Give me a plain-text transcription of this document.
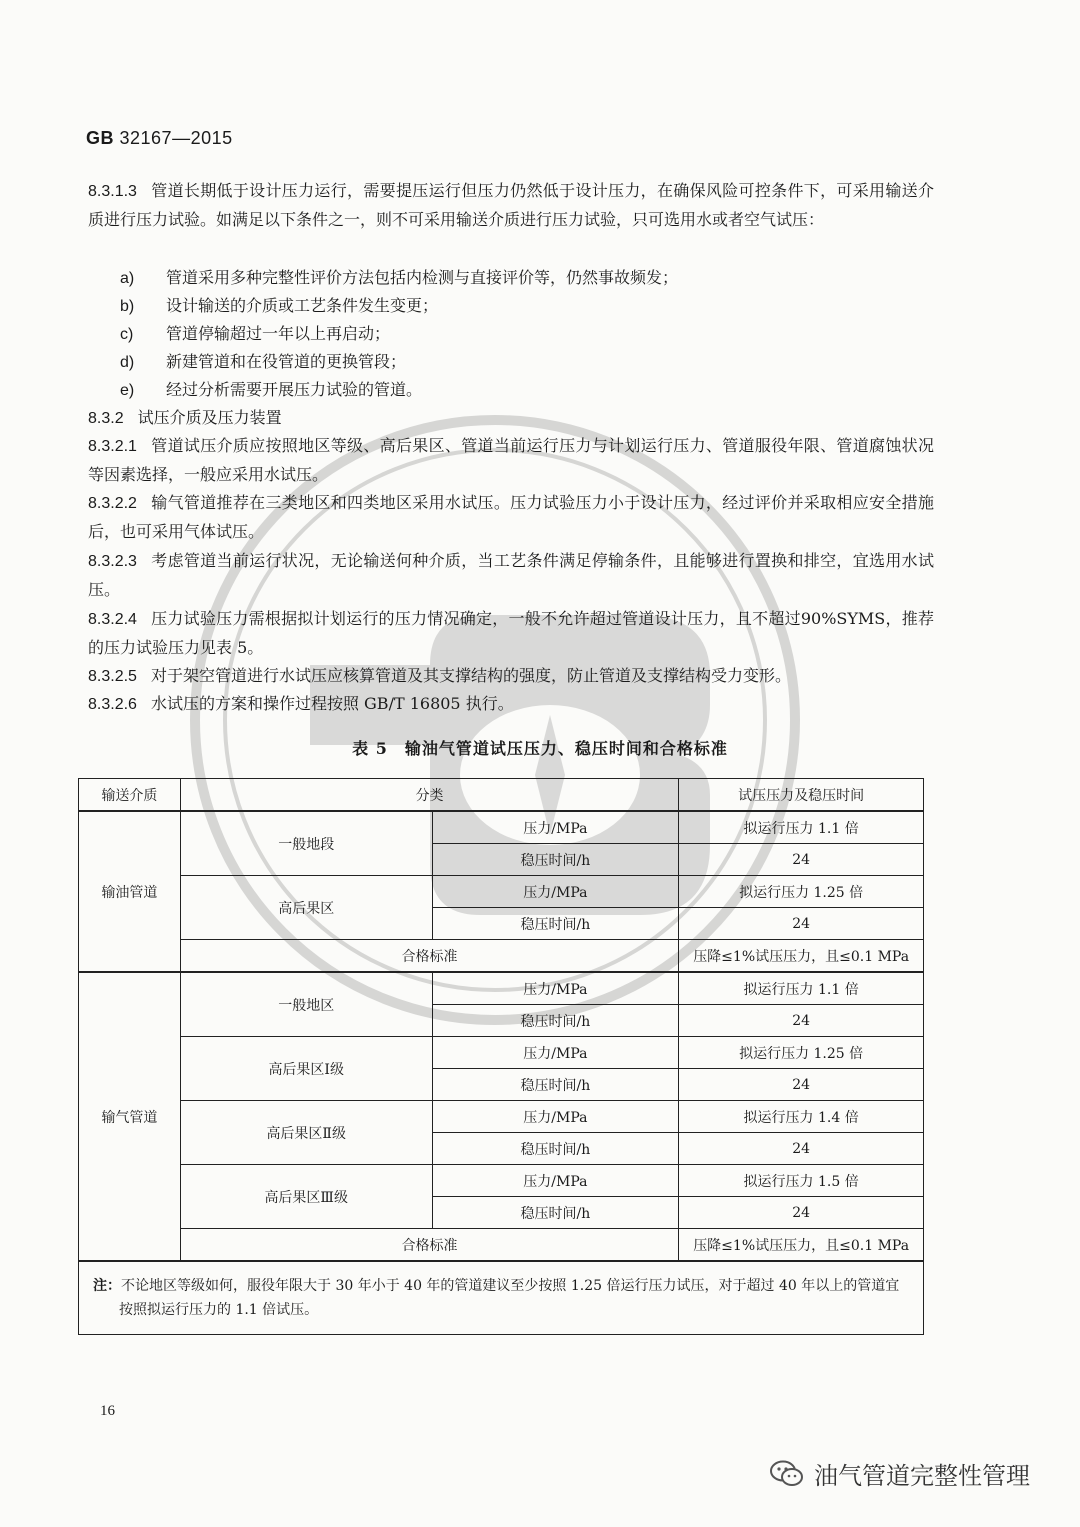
GB 32167—2015
8.3.1.3 管道长期低于设计压力运行，需要提压运行但压力仍然低于设计压力，在确保风险可控条件下，可采用输送介质进行压力试验。如满足以下条件之一，则不可采用输送介质进行压力试验，只可选用水或者空气试压：
a) 管道采用多种完整性评价方法包括内检测与直接评价等，仍然事故频发；
b) 设计输送的介质或工艺条件发生变更；
c) 管道停输超过一年以上再启动；
d) 新建管道和在役管道的更换管段；
e) 经过分析需要开展压力试验的管道。
8.3.2 试压介质及压力装置
8.3.2.1 管道试压介质应按照地区等级、高后果区、管道当前运行压力与计划运行压力、管道服役年限、管道腐蚀状况等因素选择，一般应采用水试压。
8.3.2.2 输气管道推荐在三类地区和四类地区采用水试压。压力试验压力小于设计压力，经过评价并采取相应安全措施后，也可采用气体试压。
8.3.2.3 考虑管道当前运行状况，无论输送何种介质，当工艺条件满足停输条件，且能够进行置换和排空，宜选用水试压。
8.3.2.4 压力试验压力需根据拟计划运行的压力情况确定，一般不允许超过管道设计压力，且不超过90%SYMS，推荐的压力试验压力见表 5。
8.3.2.5 对于架空管道进行水试压应核算管道及其支撑结构的强度，防止管道及支撑结构受力变形。
8.3.2.6 水试压的方案和操作过程按照 GB/T 16805 执行。
表 5　输油气管道试压压力、稳压时间和合格标准
输送介质	分类		试压压力及稳压时间
输油管道	一般地段	压力/MPa	拟运行压力 1.1 倍
		稳压时间/h	24
	高后果区	压力/MPa	拟运行压力 1.25 倍
		稳压时间/h	24
	合格标准		压降≤1%试压压力，且≤0.1 MPa
输气管道	一般地区	压力/MPa	拟运行压力 1.1 倍
		稳压时间/h	24
	高后果区Ⅰ级	压力/MPa	拟运行压力 1.25 倍
		稳压时间/h	24
	高后果区Ⅱ级	压力/MPa	拟运行压力 1.4 倍
		稳压时间/h	24
	高后果区Ⅲ级	压力/MPa	拟运行压力 1.5 倍
		稳压时间/h	24
	合格标准		压降≤1%试压压力，且≤0.1 MPa
注：不论地区等级如何，服役年限大于 30 年小于 40 年的管道建议至少按照 1.25 倍运行压力试压，对于超过 40 年以上的管道宜按照拟运行压力的 1.1 倍试压。			
16
油气管道完整性管理
